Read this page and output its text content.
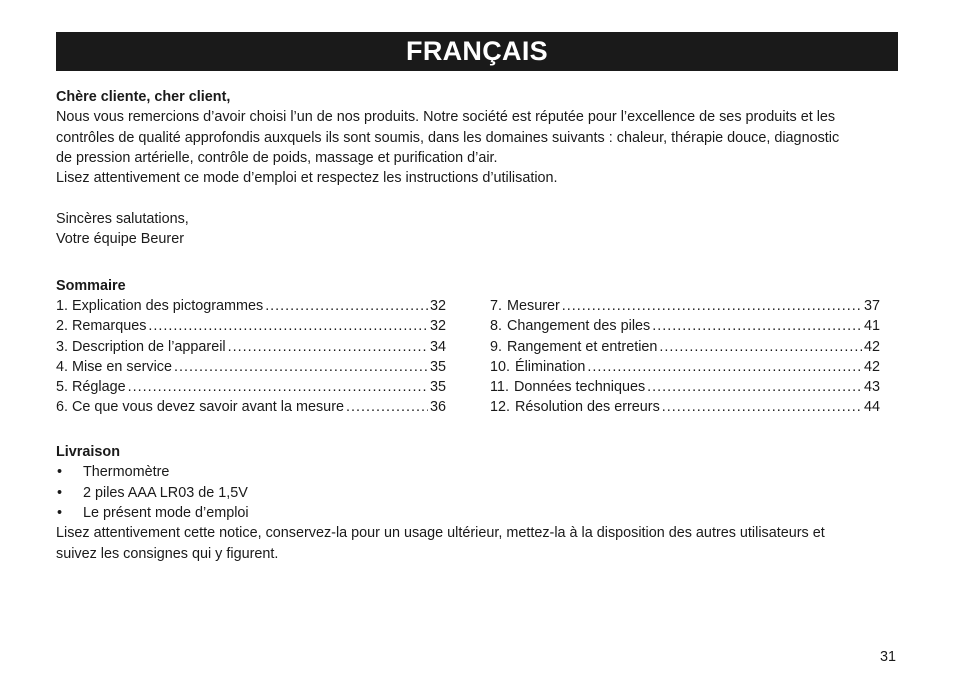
FRANÇAIS

Chère cliente, cher client,

Nous vous remercions d’avoir choisi l’un de nos produits. Notre société est réputée pour l’excellence de ses produits et les

contrôles de qualité approfondis auxquels ils sont soumis, dans les domaines suivants : chaleur, thérapie douce, diagnostic

de pression artérielle, contrôle de poids, massage et purification d’air.

Lisez attentivement ce mode d’emploi et respectez les instructions d’utilisation.

Sincères salutations,

Votre équipe Beurer

Sommaire

1. Explication des pictogrammes .....	32
2. Remarques .....	32
3. Description de l’appareil .....	34
4. Mise en service .....	35
5. Réglage .....	35
6. Ce que vous devez savoir avant la mesure .....	36
7. Mesurer .....	37
8. Changement des piles .....	41
9. Rangement et entretien .....	42
10. Élimination .....	42
11. Données techniques .....	43
12. Résolution des erreurs .....	44

Livraison

•	Thermomètre
•	2 piles AAA LR03 de 1,5V
•	Le présent mode d’emploi

Lisez attentivement cette notice, conservez-la pour un usage ultérieur, mettez-la à la disposition des autres utilisateurs et

suivez les consignes qui y figurent.

31
